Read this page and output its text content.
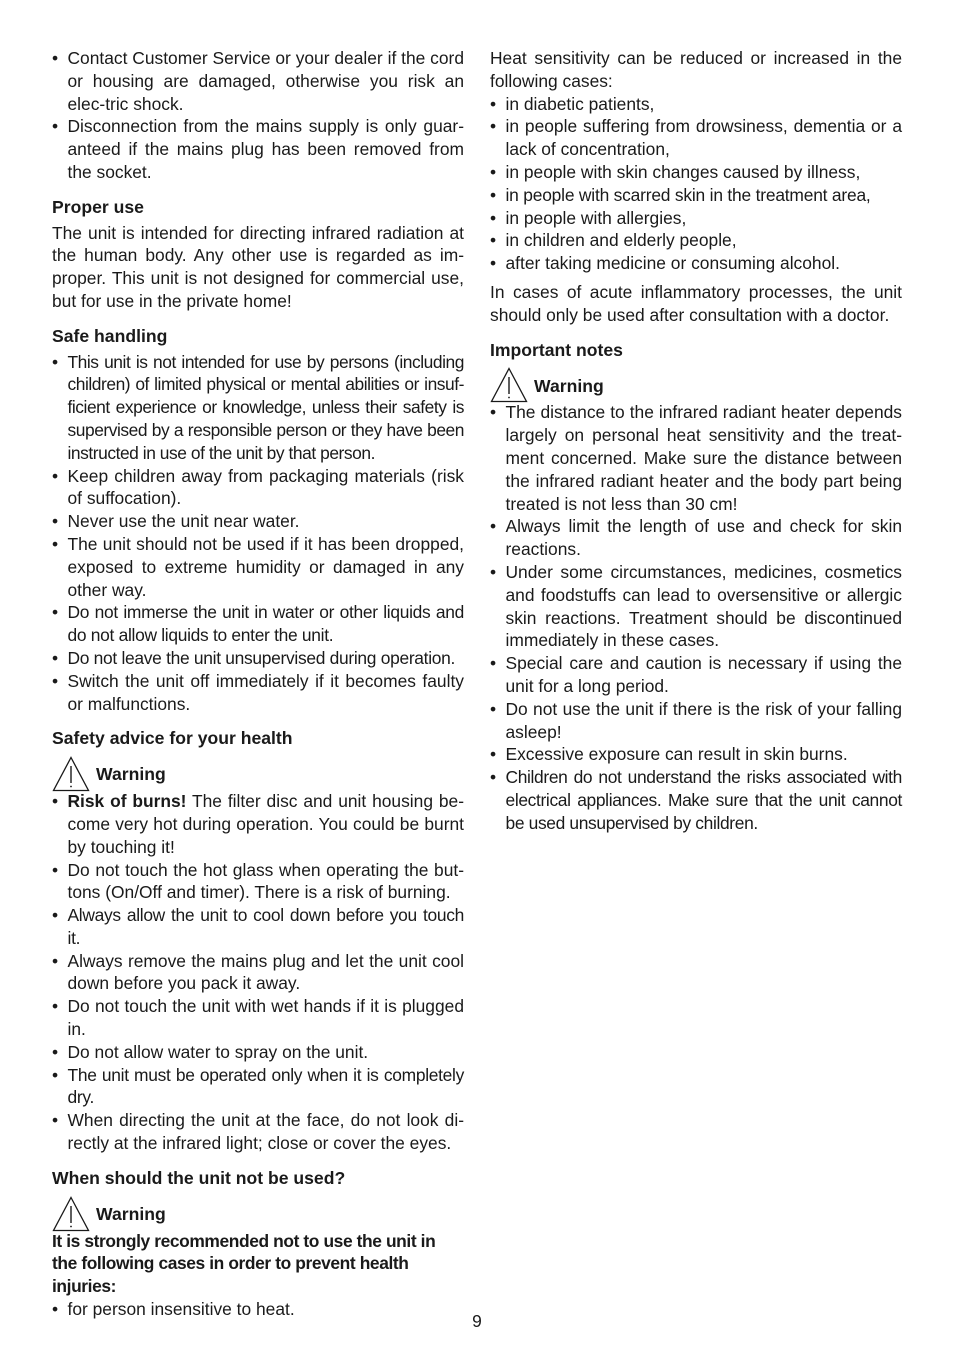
• Contact Customer Service or your dealer if the cord or housing are damaged, otherwise you risk an elec-tric shock.
• Disconnection from the mains supply is only guar-anteed if the mains plug has been removed from the socket.
Proper use

The unit is intended for directing infrared radiation at the human body. Any other use is regarded as im-proper. This unit is not designed for commercial use, but for use in the private home!

Safe handling
• This unit is not intended for use by persons (including children) of limited physical or mental abilities or insuf-ficient experience or knowledge, unless their safety is supervised by a responsible person or they have been instructed in use of the unit by that person.
• Keep children away from packaging materials (risk of suffocation).
• Never use the unit near water.
• The unit should not be used if it has been dropped, exposed to extreme humidity or damaged in any other way.
• Do not immerse the unit in water or other liquids and do not allow liquids to enter the unit.
• Do not leave the unit unsupervised during operation.
• Switch the unit off immediately if it becomes faulty or malfunctions.
Safety advice for your health
Warning
• Risk of burns! The filter disc and unit housing be-come very hot during operation. You could be burnt by touching it!
• Do not touch the hot glass when operating the but-tons (On/Off and timer). There is a risk of burning.
• Always allow the unit to cool down before you touch it.
• Always remove the mains plug and let the unit cool down before you pack it away.
• Do not touch the unit with wet hands if it is plugged in.
• Do not allow water to spray on the unit.
• The unit must be operated only when it is completely dry.
• When directing the unit at the face, do not look di-rectly at the infrared light; close or cover the eyes.
When should the unit not be used?
Warning

It is strongly recommended not to use the unit in the following cases in order to prevent health injuries:

• for person insensitive to heat.

Heat sensitivity can be reduced or increased in the following cases:

• in diabetic patients,
• in people suffering from drowsiness, dementia or a lack of concentration,
• in people with skin changes caused by illness,
• in people with scarred skin in the treatment area,
• in people with allergies,
• in children and elderly people,
• after taking medicine or consuming alcohol.

In cases of acute inflammatory processes, the unit should only be used after consultation with a doctor.

Important notes
Warning
• The distance to the infrared radiant heater depends largely on personal heat sensitivity and the treat-ment concerned. Make sure the distance between the infrared radiant heater and the body part being treated is not less than 30 cm!
• Always limit the length of use and check for skin reactions.
• Under some circumstances, medicines, cosmetics and foodstuffs can lead to oversensitive or allergic skin reactions. Treatment should be discontinued immediately in these cases.
• Special care and caution is necessary if using the unit for a long period.
• Do not use the unit if there is the risk of your falling asleep!
• Excessive exposure can result in skin burns.
• Children do not understand the risks associated with electrical appliances. Make sure that the unit cannot be used unsupervised by children.
9
